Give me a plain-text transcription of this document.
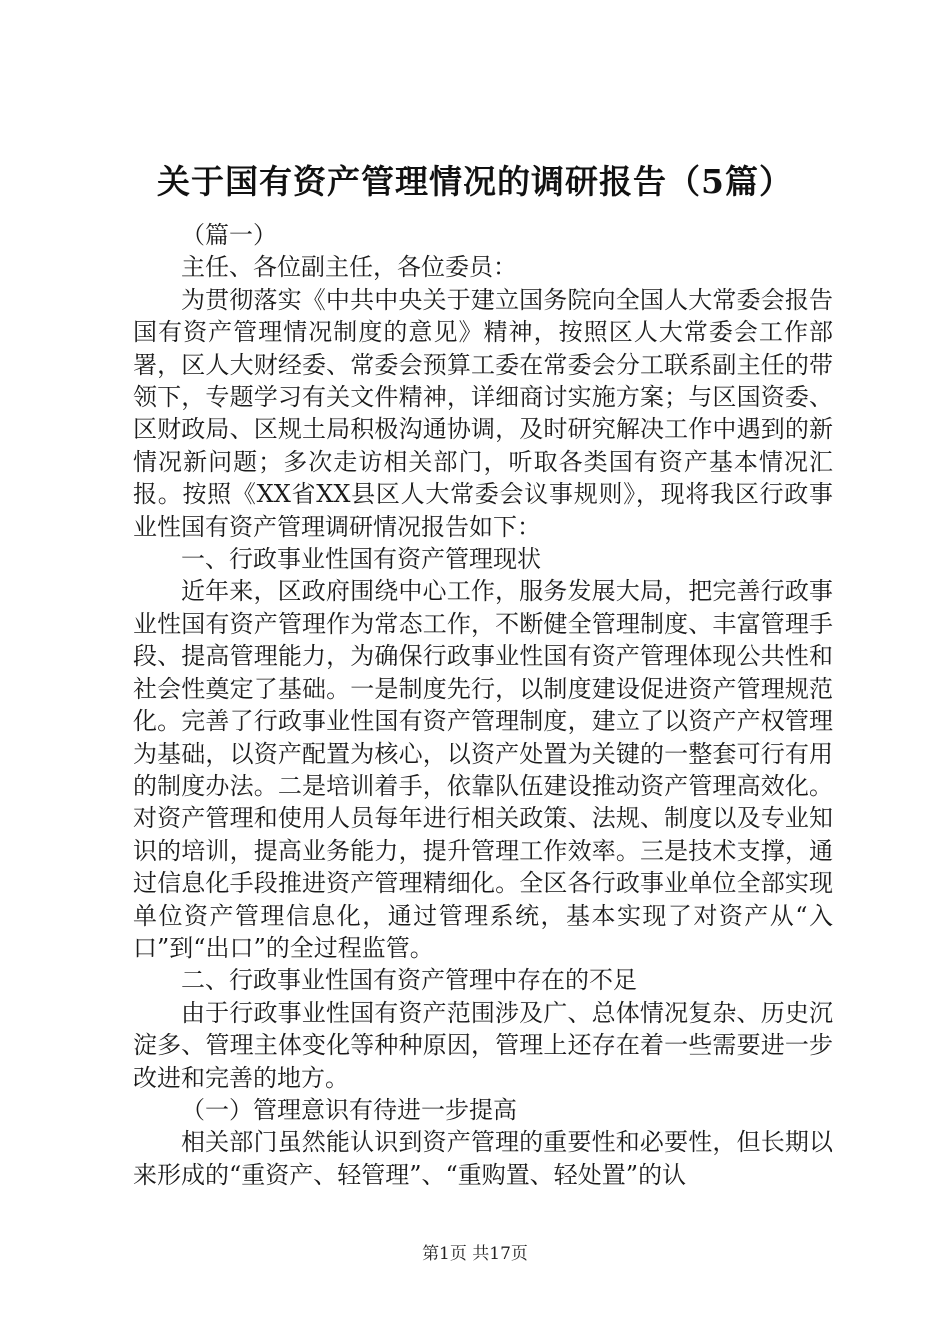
关于国有资产管理情况的调研报告（5篇）

（篇一）

主任、各位副主任，各位委员：

为贯彻落实《中共中央关于建立国务院向全国人大常委会报告国有资产管理情况制度的意见》精神，按照区人大常委会工作部署，区人大财经委、常委会预算工委在常委会分工联系副主任的带领下，专题学习有关文件精神，详细商讨实施方案；与区国资委、区财政局、区规土局积极沟通协调，及时研究解决工作中遇到的新情况新问题；多次走访相关部门，听取各类国有资产基本情况汇报。按照《XX省XX县区人大常委会议事规则》，现将我区行政事业性国有资产管理调研情况报告如下：

一、行政事业性国有资产管理现状

近年来，区政府围绕中心工作，服务发展大局，把完善行政事业性国有资产管理作为常态工作，不断健全管理制度、丰富管理手段、提高管理能力，为确保行政事业性国有资产管理体现公共性和社会性奠定了基础。一是制度先行，以制度建设促进资产管理规范化。完善了行政事业性国有资产管理制度，建立了以资产产权管理为基础，以资产配置为核心，以资产处置为关键的一整套可行有用的制度办法。二是培训着手，依靠队伍建设推动资产管理高效化。对资产管理和使用人员每年进行相关政策、法规、制度以及专业知识的培训，提高业务能力，提升管理工作效率。三是技术支撑，通过信息化手段推进资产管理精细化。全区各行政事业单位全部实现单位资产管理信息化，通过管理系统，基本实现了对资产从“入口”到“出口”的全过程监管。

二、行政事业性国有资产管理中存在的不足

由于行政事业性国有资产范围涉及广、总体情况复杂、历史沉淀多、管理主体变化等种种原因，管理上还存在着一些需要进一步改进和完善的地方。

（一）管理意识有待进一步提高

相关部门虽然能认识到资产管理的重要性和必要性，但长期以来形成的“重资产、轻管理”、“重购置、轻处置”的认

第1页 共17页
